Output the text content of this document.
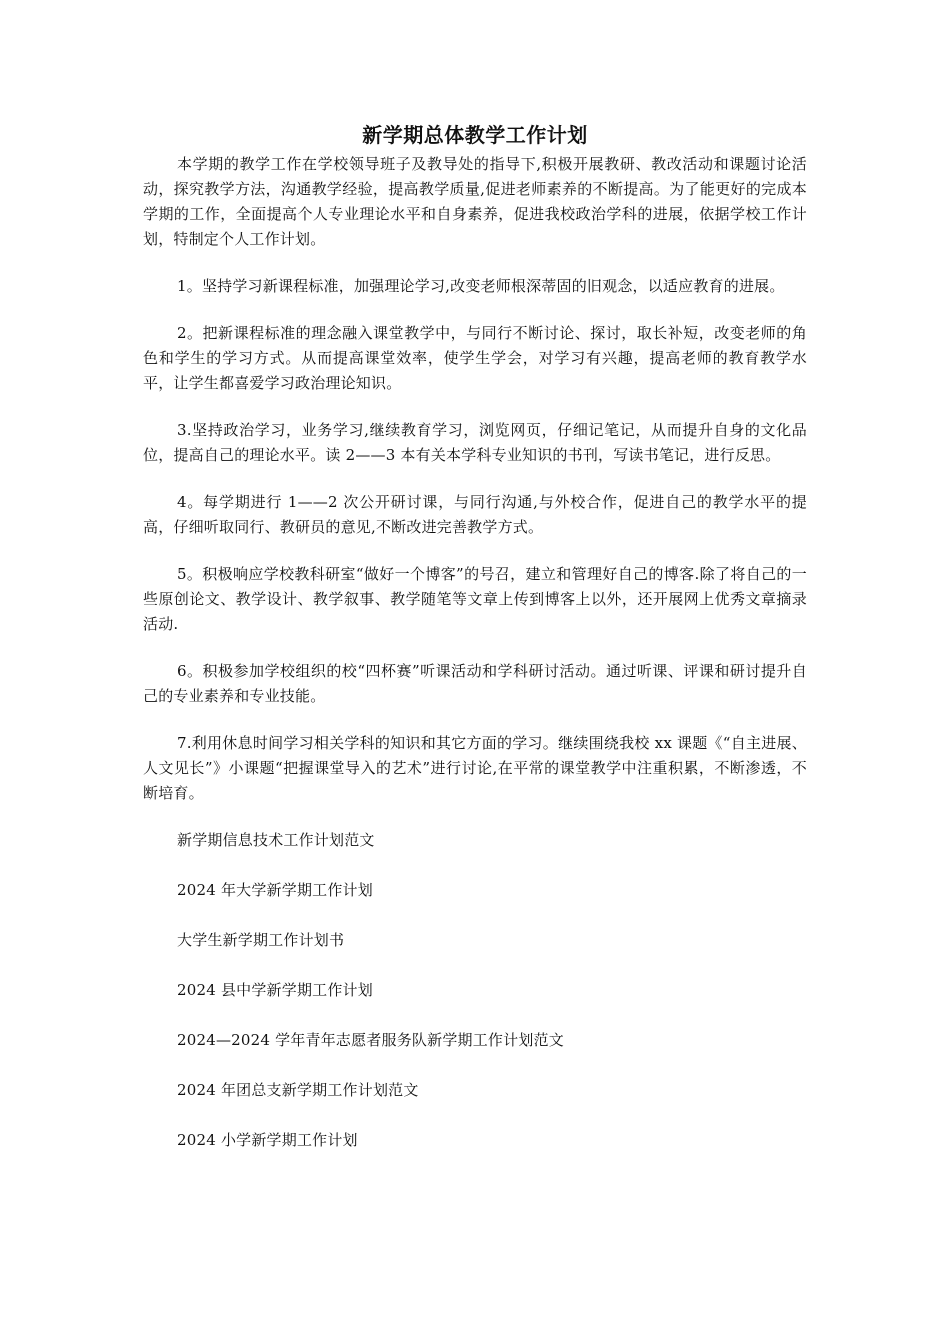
新学期总体教学工作计划

本学期的教学工作在学校领导班子及教导处的指导下,积极开展教研、教改活动和课题讨论活动，探究教学方法，沟通教学经验，提高教学质量,促进老师素养的不断提高。为了能更好的完成本学期的工作，全面提高个人专业理论水平和自身素养，促进我校政治学科的进展，依据学校工作计划，特制定个人工作计划。

1。坚持学习新课程标准，加强理论学习,改变老师根深蒂固的旧观念，以适应教育的进展。

2。把新课程标准的理念融入课堂教学中，与同行不断讨论、探讨，取长补短，改变老师的角色和学生的学习方式。从而提高课堂效率，使学生学会，对学习有兴趣，提高老师的教育教学水平，让学生都喜爱学习政治理论知识。

3.坚持政治学习，业务学习,继续教育学习，浏览网页，仔细记笔记，从而提升自身的文化品位，提高自己的理论水平。读 2——3 本有关本学科专业知识的书刊，写读书笔记，进行反思。

4。每学期进行 1——2 次公开研讨课，与同行沟通,与外校合作，促进自己的教学水平的提高，仔细听取同行、教研员的意见,不断改进完善教学方式。

5。积极响应学校教科研室“做好一个博客”的号召，建立和管理好自己的博客.除了将自己的一些原创论文、教学设计、教学叙事、教学随笔等文章上传到博客上以外，还开展网上优秀文章摘录活动.

6。积极参加学校组织的校“四杯赛”听课活动和学科研讨活动。通过听课、评课和研讨提升自己的专业素养和专业技能。

7.利用休息时间学习相关学科的知识和其它方面的学习。继续围绕我校 xx 课题《“自主进展、人文见长”》小课题“把握课堂导入的艺术”进行讨论,在平常的课堂教学中注重积累，不断渗透，不断培育。

新学期信息技术工作计划范文
2024 年大学新学期工作计划
大学生新学期工作计划书
2024 县中学新学期工作计划
2024—2024 学年青年志愿者服务队新学期工作计划范文
2024 年团总支新学期工作计划范文
2024 小学新学期工作计划
